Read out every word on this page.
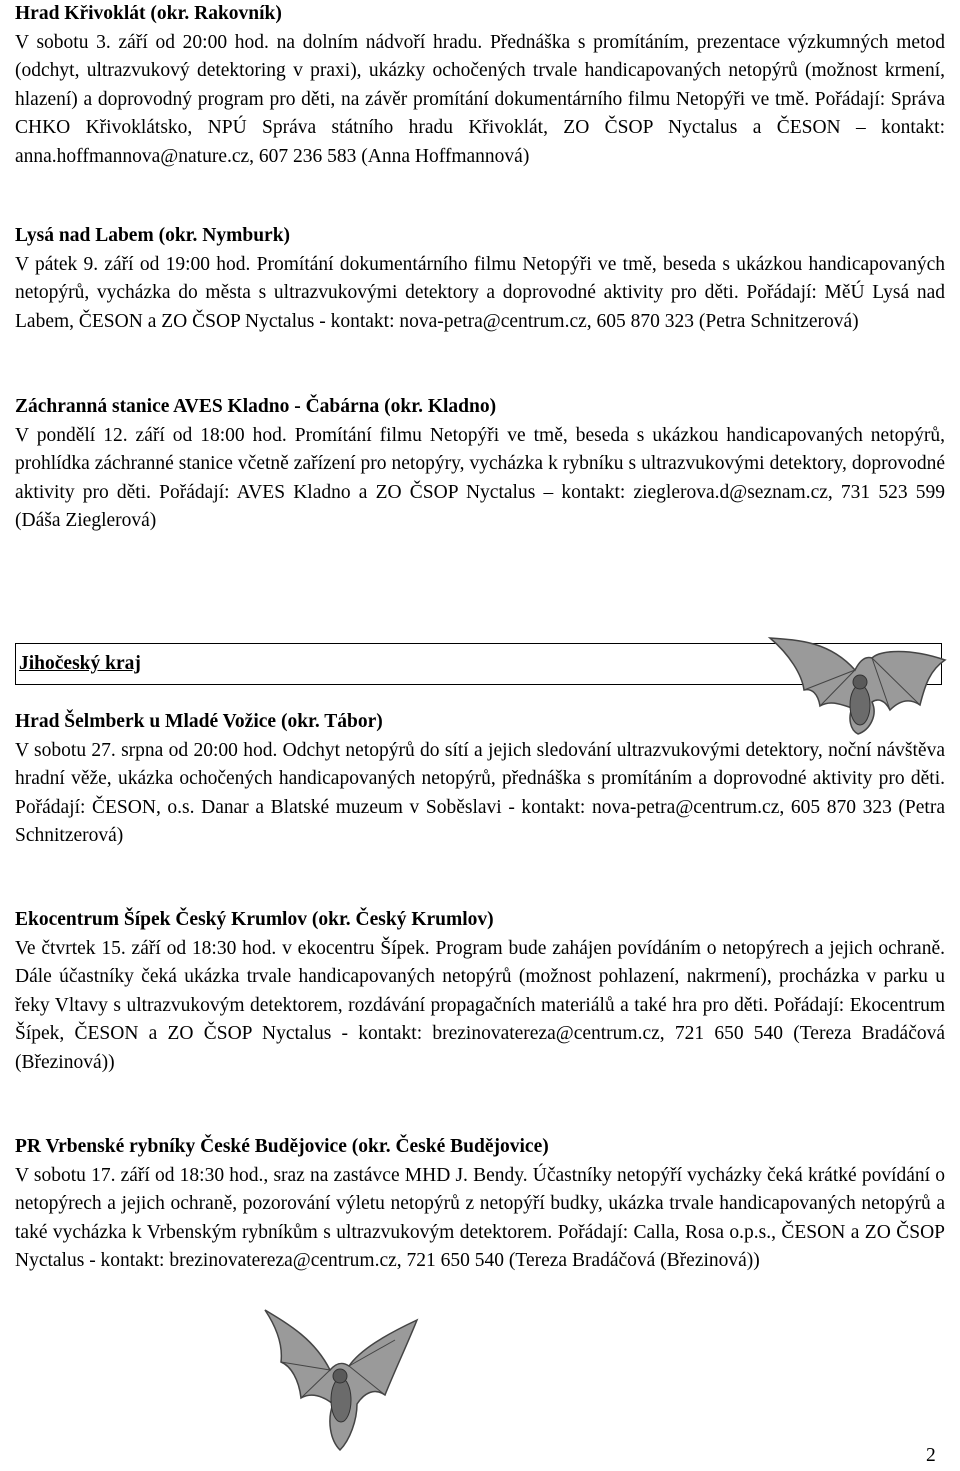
Hrad Křivoklát (okr. Rakovník)

V sobotu 3. září od 20:00 hod. na dolním nádvoří hradu. Přednáška s promítáním, prezentace výzkumných metod (odchyt, ultrazvukový detektoring v praxi), ukázky ochočených trvale handicapovaných netopýrů (možnost krmení, hlazení) a doprovodný program pro děti, na závěr promítání dokumentárního filmu Netopýři ve tmě. Pořádají: Správa CHKO Křivoklátsko, NPÚ Správa státního hradu Křivoklát, ZO ČSOP Nyctalus a ČESON – kontakt: anna.hoffmannova@nature.cz, 607 236 583 (Anna Hoffmannová)

Lysá nad Labem (okr. Nymburk)

V pátek 9. září od 19:00 hod. Promítání dokumentárního filmu Netopýři ve tmě, beseda s ukázkou handicapovaných netopýrů, vycházka do města s ultrazvukovými detektory a doprovodné aktivity pro děti. Pořádají: MěÚ Lysá nad Labem, ČESON a ZO ČSOP Nyctalus - kontakt: nova-petra@centrum.cz, 605 870 323 (Petra Schnitzerová)

Záchranná stanice AVES Kladno - Čabárna (okr. Kladno)

V pondělí 12. září od 18:00 hod. Promítání filmu Netopýři ve tmě, beseda s ukázkou handicapovaných netopýrů, prohlídka záchranné stanice včetně zařízení pro netopýry, vycházka k rybníku s ultrazvukovými detektory, doprovodné aktivity pro děti. Pořádají: AVES Kladno a ZO ČSOP Nyctalus – kontakt: zieglerova.d@seznam.cz, 731 523 599 (Dáša Zieglerová)

Jihočeský kraj

Hrad Šelmberk u Mladé Vožice (okr. Tábor)

V sobotu 27. srpna od 20:00 hod. Odchyt netopýrů do sítí a jejich sledování ultrazvukovými detektory, noční návštěva hradní věže, ukázka ochočených handicapovaných netopýrů, přednáška s promítáním a doprovodné aktivity pro děti. Pořádají: ČESON, o.s. Danar a Blatské muzeum v Soběslavi - kontakt: nova-petra@centrum.cz, 605 870 323 (Petra Schnitzerová)

Ekocentrum Šípek Český Krumlov (okr. Český Krumlov)

Ve čtvrtek 15. září od 18:30 hod. v ekocentru Šípek. Program bude zahájen povídáním o netopýrech a jejich ochraně. Dále účastníky čeká ukázka trvale handicapovaných netopýrů (možnost pohlazení, nakrmení), procházka v parku u řeky Vltavy s ultrazvukovým detektorem, rozdávání propagačních materiálů a také hra pro děti. Pořádají: Ekocentrum Šípek, ČESON a ZO ČSOP Nyctalus - kontakt: brezinovatereza@centrum.cz, 721 650 540 (Tereza Bradáčová (Březinová))

PR Vrbenské rybníky České Budějovice (okr. České Budějovice)

V sobotu 17. září od 18:30 hod., sraz na zastávce MHD J. Bendy. Účastníky netopýří vycházky čeká krátké povídání o netopýrech a jejich ochraně, pozorování výletu netopýrů z netopýří budky, ukázka trvale handicapovaných netopýrů a také vycházka k Vrbenským rybníkům s ultrazvukovým detektorem. Pořádají: Calla, Rosa o.p.s., ČESON a ZO ČSOP Nyctalus - kontakt: brezinovatereza@centrum.cz, 721 650 540 (Tereza Bradáčová (Březinová))

2
